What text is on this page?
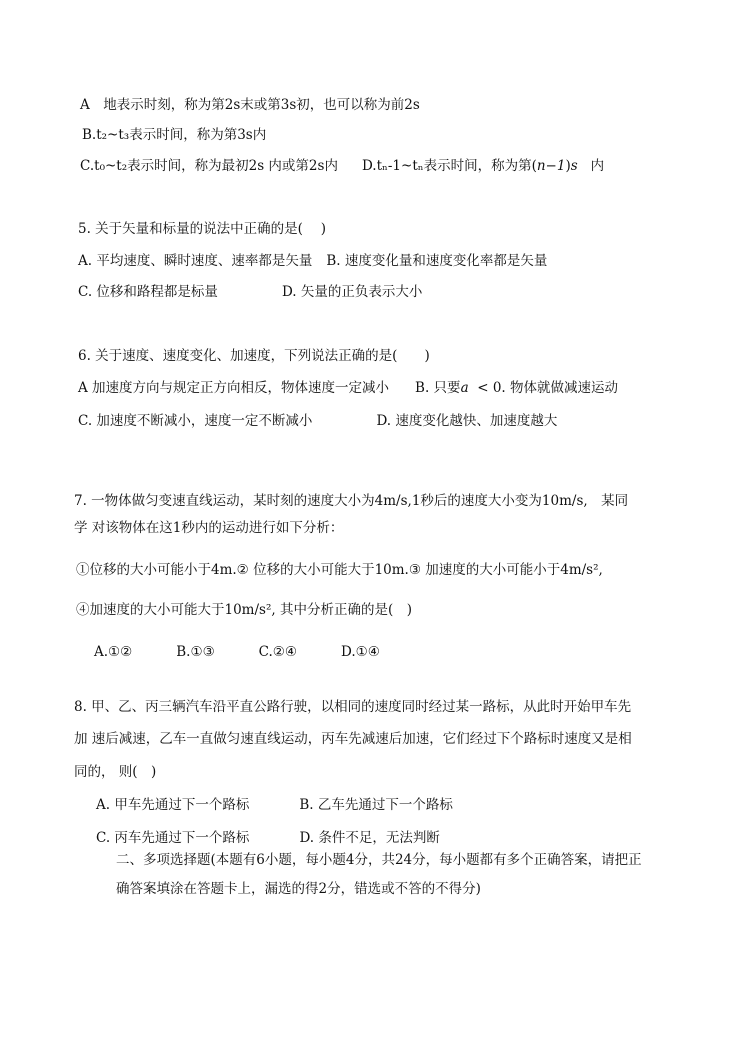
A　地表示时刻，称为第2s末或第3s初，也可以称为前2s
B.t₂~t₃表示时间，称为第3s内
C.t₀~t₂表示时间，称为最初2s 内或第2s内 D.tₙ‑1~tₙ表示时间，称为第(n−1)s 内
5. 关于矢量和标量的说法中正确的是(　 )
A. 平均速度、瞬时速度、速率都是矢量 B. 速度变化量和速度变化率都是矢量
C. 位移和路程都是标量	D. 矢量的正负表示大小
6. 关于速度、速度变化、加速度，下列说法正确的是(　　)
A 加速度方向与规定正方向相反，物体速度一定减小 B. 只要a < 0. 物体就做减速运动
C. 加速度不断减小，速度一定不断减小	D. 速度变化越快、加速度越大
7. 一物体做匀变速直线运动，某时刻的速度大小为4m/s,1秒后的速度大小变为10m/s,　某同
学 对该物体在这1秒内的运动进行如下分析：
①位移的大小可能小于4m.② 位移的大小可能大于10m.③ 加速度的大小可能小于4m/s²,
④加速度的大小可能大于10m/s², 其中分析正确的是(　)
A.①②	B.①③	C.②④	D.①④
8. 甲、乙、丙三辆汽车沿平直公路行驶，以相同的速度同时经过某一路标，从此时开始甲车先
加 速后减速，乙车一直做匀速直线运动，丙车先减速后加速，它们经过下个路标时速度又是相
同的， 则(　)
A. 甲车先通过下一个路标	B. 乙车先通过下一个路标
C. 丙车先通过下一个路标	D. 条件不足，无法判断
二、多项选择题(本题有6小题，每小题4分，共24分，每小题都有多个正确答案，请把正
确答案填涂在答题卡上，漏选的得2分，错选或不答的不得分)
